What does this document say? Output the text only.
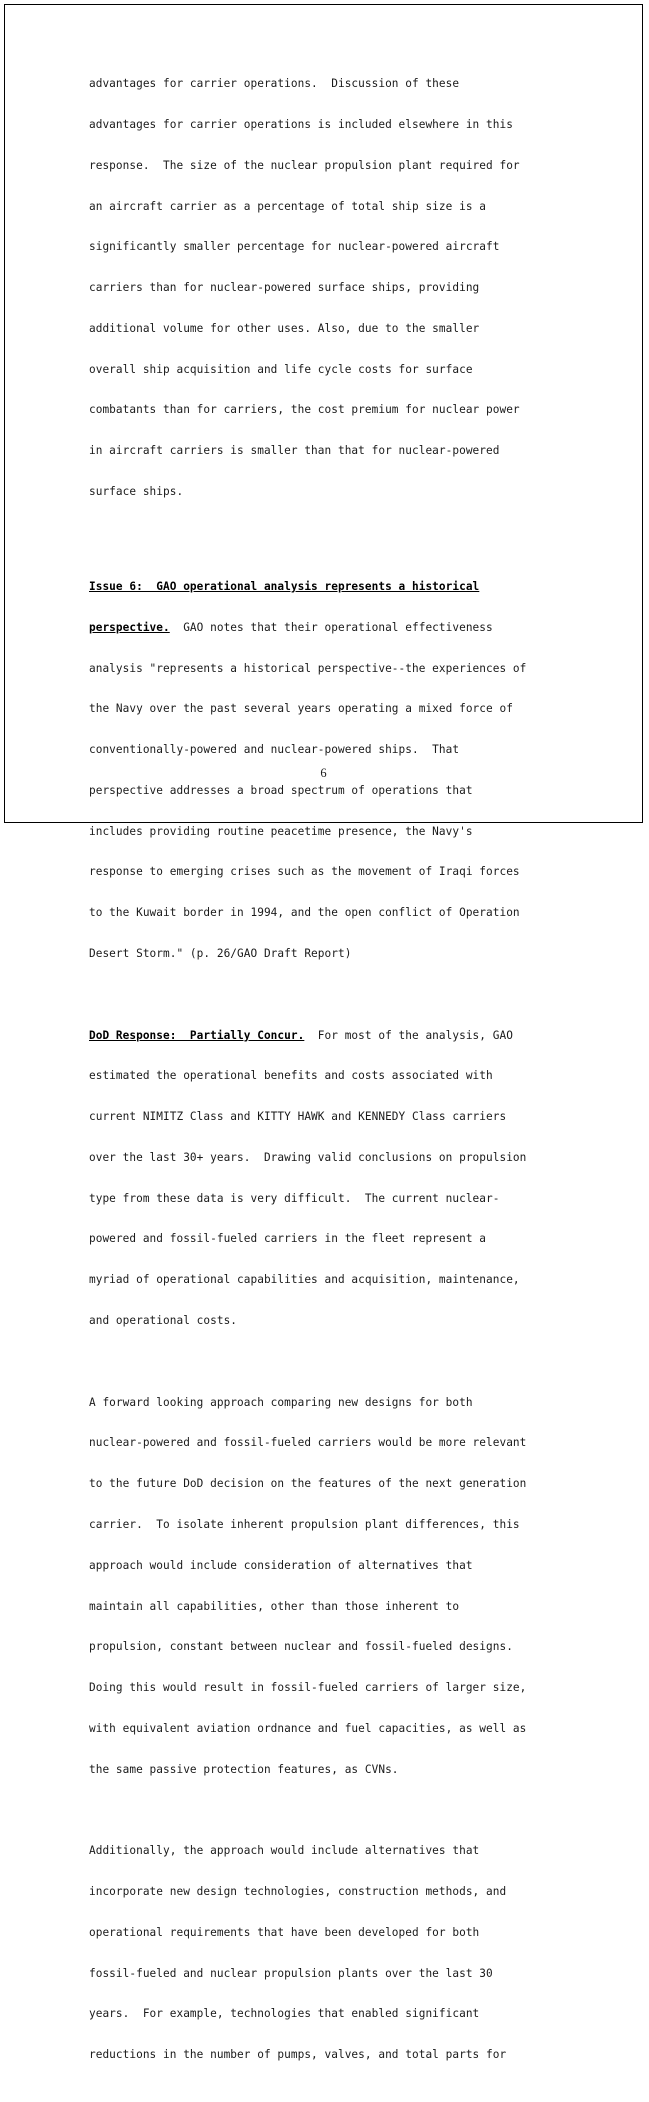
advantages for carrier operations.  Discussion of these

advantages for carrier operations is included elsewhere in this

response.  The size of the nuclear propulsion plant required for

an aircraft carrier as a percentage of total ship size is a

significantly smaller percentage for nuclear-powered aircraft

carriers than for nuclear-powered surface ships, providing

additional volume for other uses. Also, due to the smaller

overall ship acquisition and life cycle costs for surface

combatants than for carriers, the cost premium for nuclear power

in aircraft carriers is smaller than that for nuclear-powered

surface ships.

Issue 6:  GAO operational analysis represents a historical

perspective.  GAO notes that their operational effectiveness

analysis "represents a historical perspective--the experiences of

the Navy over the past several years operating a mixed force of

conventionally-powered and nuclear-powered ships.  That

perspective addresses a broad spectrum of operations that

includes providing routine peacetime presence, the Navy's

response to emerging crises such as the movement of Iraqi forces

to the Kuwait border in 1994, and the open conflict of Operation

Desert Storm." (p. 26/GAO Draft Report)

DoD Response:  Partially Concur.  For most of the analysis, GAO

estimated the operational benefits and costs associated with

current NIMITZ Class and KITTY HAWK and KENNEDY Class carriers

over the last 30+ years.  Drawing valid conclusions on propulsion

type from these data is very difficult.  The current nuclear-

powered and fossil-fueled carriers in the fleet represent a

myriad of operational capabilities and acquisition, maintenance,

and operational costs.

A forward looking approach comparing new designs for both

nuclear-powered and fossil-fueled carriers would be more relevant

to the future DoD decision on the features of the next generation

carrier.  To isolate inherent propulsion plant differences, this

approach would include consideration of alternatives that

maintain all capabilities, other than those inherent to

propulsion, constant between nuclear and fossil-fueled designs.

Doing this would result in fossil-fueled carriers of larger size,

with equivalent aviation ordnance and fuel capacities, as well as

the same passive protection features, as CVNs.

Additionally, the approach would include alternatives that

incorporate new design technologies, construction methods, and

operational requirements that have been developed for both

fossil-fueled and nuclear propulsion plants over the last 30

years.  For example, technologies that enabled significant

reductions in the number of pumps, valves, and total parts for

6
